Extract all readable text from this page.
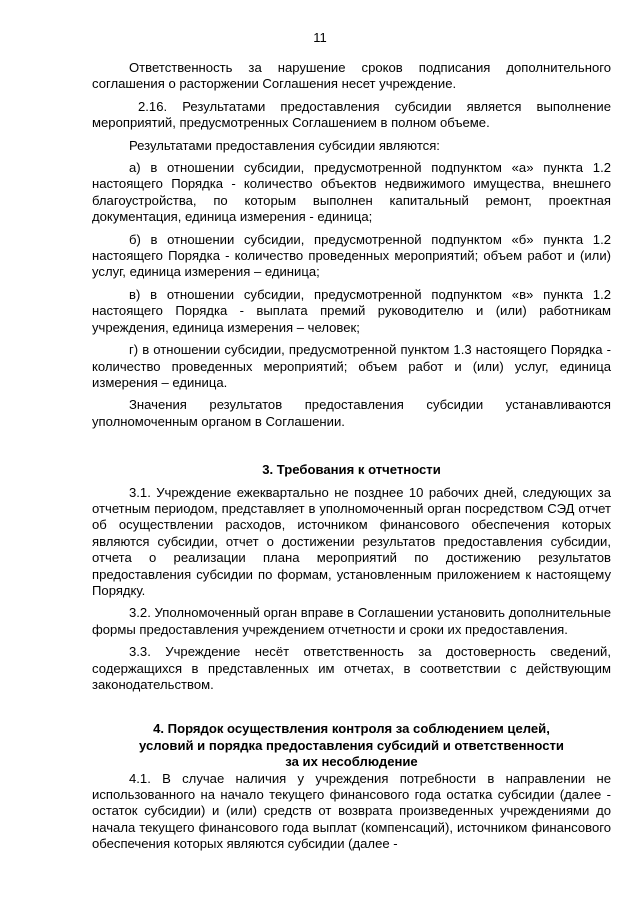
11

Ответственность за нарушение сроков подписания дополнительного соглашения о расторжении Соглашения несет учреждение.

2.16. Результатами предоставления субсидии является выполнение мероприятий, предусмотренных Соглашением в полном объеме.

Результатами предоставления субсидии являются:

а) в отношении субсидии, предусмотренной подпунктом «а» пункта 1.2 настоящего Порядка - количество объектов недвижимого имущества, внешнего благоустройства, по которым выполнен капитальный ремонт, проектная документация, единица измерения - единица;

б) в отношении субсидии, предусмотренной подпунктом «б» пункта 1.2 настоящего Порядка - количество проведенных мероприятий; объем работ и (или) услуг, единица измерения – единица;

в) в отношении субсидии, предусмотренной подпунктом «в» пункта 1.2 настоящего Порядка - выплата премий руководителю и (или) работникам учреждения, единица измерения – человек;

г) в отношении субсидии, предусмотренной пунктом 1.3 настоящего Порядка - количество проведенных мероприятий; объем работ и (или) услуг, единица измерения – единица.

Значения результатов предоставления субсидии устанавливаются уполномоченным органом в Соглашении.

3. Требования к отчетности

3.1. Учреждение ежеквартально не позднее 10 рабочих дней, следующих за отчетным периодом, представляет в уполномоченный орган посредством СЭД отчет об осуществлении расходов, источником финансового обеспечения которых являются субсидии, отчет о достижении результатов предоставления субсидии, отчета о реализации плана мероприятий по достижению результатов предоставления субсидии по формам, установленным приложением к настоящему Порядку.

3.2. Уполномоченный орган вправе в Соглашении установить дополнительные формы предоставления учреждением отчетности и сроки их предоставления.

3.3. Учреждение несёт ответственность за достоверность сведений, содержащихся в представленных им отчетах, в соответствии с действующим законодательством.

4. Порядок осуществления контроля за соблюдением целей,
условий и порядка предоставления субсидий и ответственности
за их несоблюдение

4.1. В случае наличия у учреждения потребности в направлении не использованного на начало текущего финансового года остатка субсидии (далее - остаток субсидии) и (или) средств от возврата произведенных учреждениями до начала текущего финансового года выплат (компенсаций), источником финансового обеспечения которых являются субсидии (далее -
